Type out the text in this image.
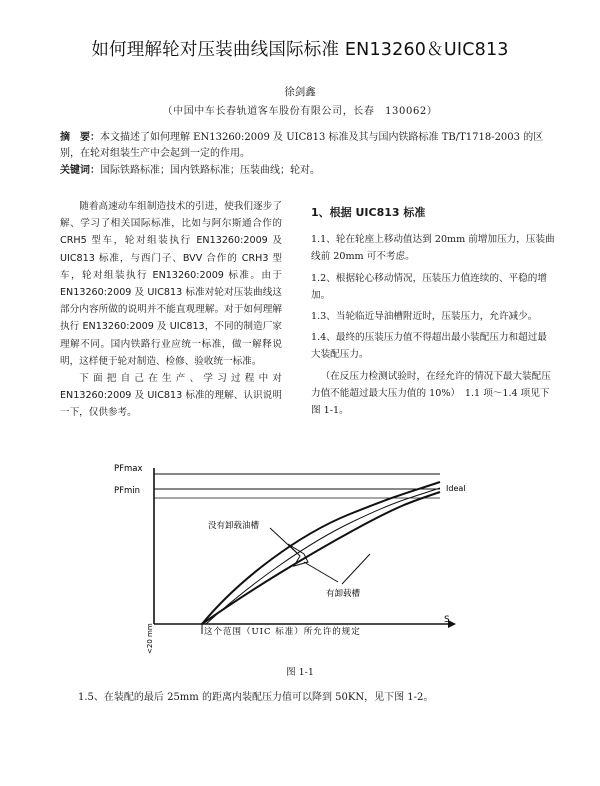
如何理解轮对压装曲线国际标准 EN13260＆UIC813
徐剑鑫
（中国中车长春轨道客车股份有限公司，长春　130062）
摘　要：本文描述了如何理解 EN13260:2009 及 UIC813 标准及其与国内铁路标准 TB/T1718-2003 的区别，在轮对组装生产中会起到一定的作用。
关键词：国际铁路标准；国内铁路标准；压装曲线；轮对。

随着高速动车组制造技术的引进，使我们逐步了解、学习了相关国际标准，比如与阿尔斯通合作的 CRH5 型车，轮对组装执行 EN13260:2009 及 UIC813 标准，与西门子、BVV 合作的 CRH3 型车，轮对组装执行 EN13260:2009 标准。由于 EN13260:2009 及 UIC813 标准对轮对压装曲线这部分内容所做的说明并不能直观理解。对于如何理解执行 EN13260:2009 及 UIC813，不同的制造厂家理解不同。国内铁路行业应统一标准，做一解释说明，这样便于轮对制造、检修、验收统一标准。

下面把自己在生产、学习过程中对 EN13260:2009 及 UIC813 标准的理解、认识说明一下，仅供参考。

1、根据 UIC813 标准

1.1、轮在轮座上移动值达到 20mm 前增加压力，压装曲线前 20mm 可不考虑。

1.2、根据轮心移动情况，压装压力值连续的、平稳的增加。

1.3、当轮临近导油槽附近时，压装压力，允许减少。

1.4、最终的压装压力值不得超出最小装配压力和超过最大装配压力。

（在反压力检测试验时，在经允许的情况下最大装配压力值不能超过最大压力值的 10%）　1.1 项～1.4 项见下图 1-1。

PFmax
PFmin	Ideal
S
<20 mm
没有卸载油槽
有卸载槽
这个范围（UIC 标准）所允许的规定
图 1-1
1.5、在装配的最后 25mm 的距离内装配压力值可以降到 50KN，见下图 1-2。
